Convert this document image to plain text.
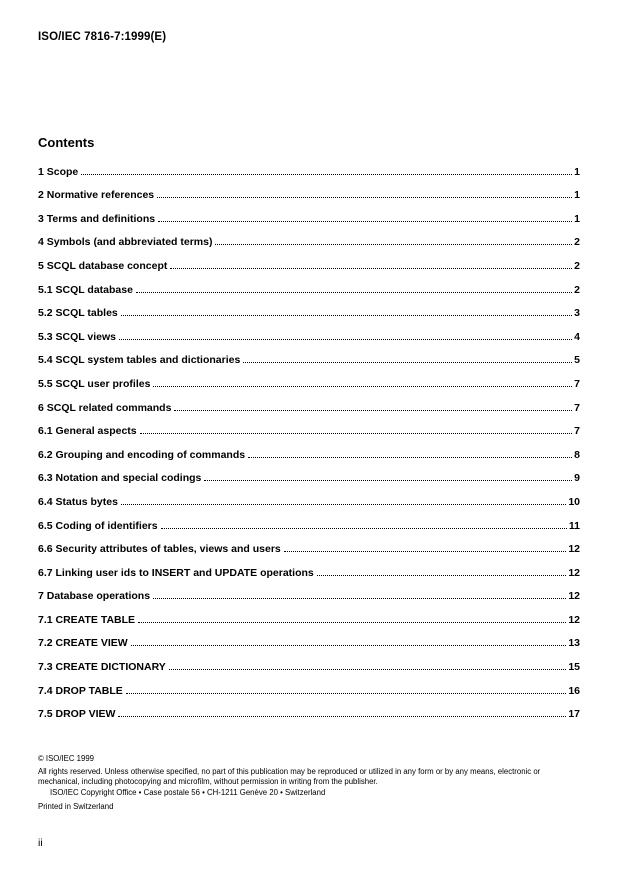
ISO/IEC 7816-7:1999(E)
Contents
1 Scope	1
2 Normative references	1
3 Terms and definitions	1
4 Symbols (and abbreviated terms)	2
5 SCQL database concept	2
5.1 SCQL database	2
5.2 SCQL tables	3
5.3 SCQL views	4
5.4 SCQL system tables and dictionaries	5
5.5 SCQL user profiles	7
6 SCQL related commands	7
6.1 General aspects	7
6.2 Grouping and encoding of commands	8
6.3 Notation and special codings	9
6.4 Status bytes	10
6.5 Coding of identifiers	11
6.6 Security attributes of tables, views and users	12
6.7 Linking user ids to INSERT and UPDATE operations	12
7 Database operations	12
7.1 CREATE TABLE	12
7.2 CREATE VIEW	13
7.3 CREATE DICTIONARY	15
7.4 DROP TABLE	16
7.5 DROP VIEW	17
© ISO/IEC 1999
All rights reserved. Unless otherwise specified, no part of this publication may be reproduced or utilized in any form or by any means, electronic or mechanical, including photocopying and microfilm, without permission in writing from the publisher.
ISO/IEC Copyright Office • Case postale 56 • CH-1211 Genève 20 • Switzerland
Printed in Switzerland
ii
